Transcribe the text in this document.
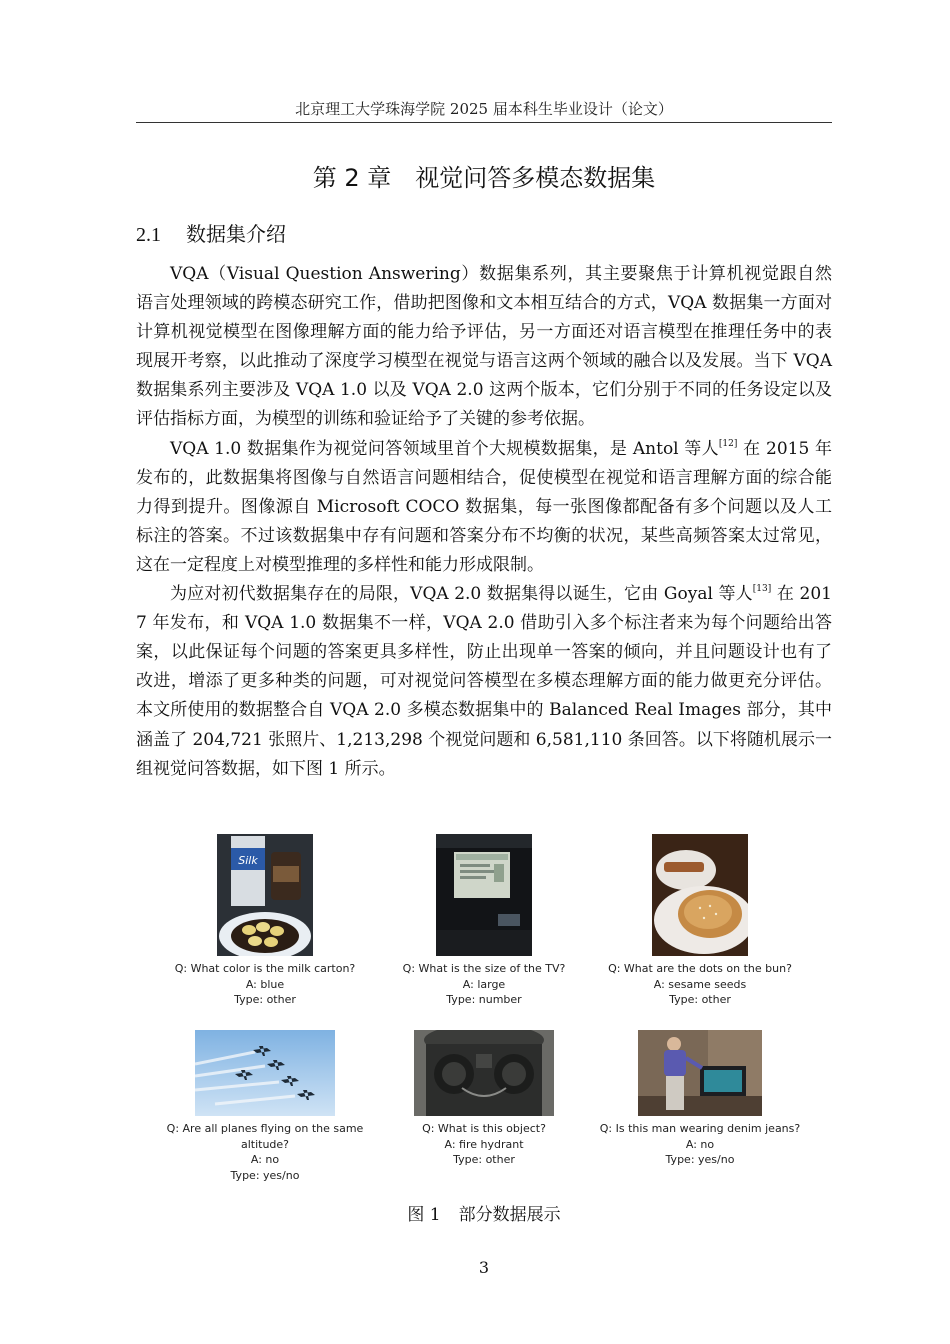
北京理工大学珠海学院 2025 届本科生毕业设计（论文）
第 2 章　视觉问答多模态数据集
2.1 数据集介绍

VQA（Visual Question Answering）数据集系列，其主要聚焦于计算机视觉跟自然语言处理领域的跨模态研究工作，借助把图像和文本相互结合的方式，VQA 数据集一方面对计算机视觉模型在图像理解方面的能力给予评估，另一方面还对语言模型在推理任务中的表现展开考察，以此推动了深度学习模型在视觉与语言这两个领域的融合以及发展。当下 VQA 数据集系列主要涉及 VQA 1.0 以及 VQA 2.0 这两个版本，它们分别于不同的任务设定以及评估指标方面，为模型的训练和验证给予了关键的参考依据。

VQA 1.0 数据集作为视觉问答领域里首个大规模数据集，是 Antol 等人[12] 在 2015 年发布的，此数据集将图像与自然语言问题相结合，促使模型在视觉和语言理解方面的综合能力得到提升。图像源自 Microsoft COCO 数据集，每一张图像都配备有多个问题以及人工标注的答案。不过该数据集中存有问题和答案分布不均衡的状况，某些高频答案太过常见，这在一定程度上对模型推理的多样性和能力形成限制。

为应对初代数据集存在的局限，VQA 2.0 数据集得以诞生，它由 Goyal 等人[13] 在 2017 年发布，和 VQA 1.0 数据集不一样，VQA 2.0 借助引入多个标注者来为每个问题给出答案，以此保证每个问题的答案更具多样性，防止出现单一答案的倾向，并且问题设计也有了改进，增添了更多种类的问题，可对视觉问答模型在多模态理解方面的能力做更充分评估。本文所使用的数据整合自 VQA 2.0 多模态数据集中的 Balanced Real Images 部分，其中涵盖了 204,721 张照片、1,213,298 个视觉问题和 6,581,110 条回答。以下将随机展示一组视觉问答数据，如下图 1 所示。

Silk
Q: What color is the milk carton?
A: blue
Type: other
Q: What is the size of the TV?
A: large
Type: number
Q: What are the dots on the bun?
A: sesame seeds
Type: other
Q: Are all planes flying on the same
altitude?
A: no
Type: yes/no
Q: What is this object?
A: fire hydrant
Type: other
Q: Is this man wearing denim jeans?
A: no
Type: yes/no
图 1 部分数据展示
3
